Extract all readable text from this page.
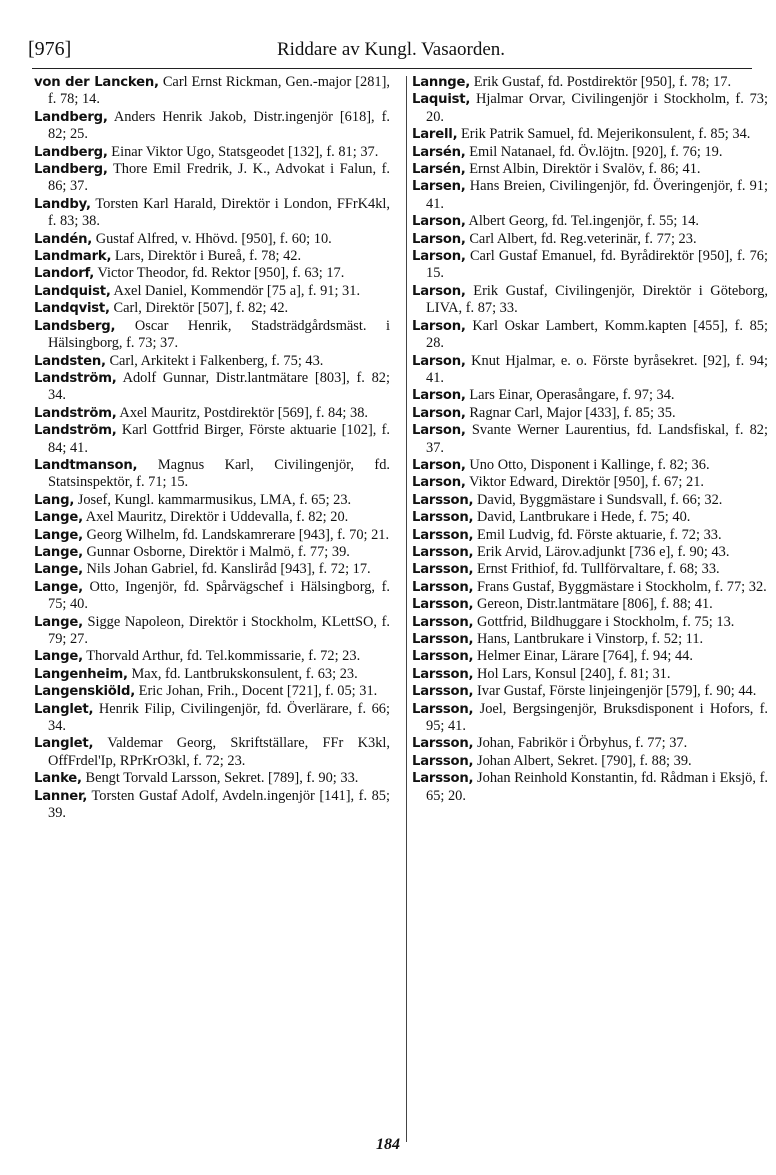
[976]	Riddare av Kungl. Vasaorden.

von der Lancken, Carl Ernst Rickman, Gen.-major [281], f. 78; 14.

Landberg, Anders Henrik Jakob, Distr.ingenjör [618], f. 82; 25.

Landberg, Einar Viktor Ugo, Statsgeodet [132], f. 81; 37.

Landberg, Thore Emil Fredrik, J. K., Advokat i Falun, f. 86; 37.

Landby, Torsten Karl Harald, Direktör i London, FFrK4kl, f. 83; 38.

Landén, Gustaf Alfred, v. Hhövd. [950], f. 60; 10.

Landmark, Lars, Direktör i Bureå, f. 78; 42.

Landorf, Victor Theodor, fd. Rektor [950], f. 63; 17.

Landquist, Axel Daniel, Kommendör [75 a], f. 91; 31.

Landqvist, Carl, Direktör [507], f. 82; 42.

Landsberg, Oscar Henrik, Stadsträdgårdsmäst. i Hälsingborg, f. 73; 37.

Landsten, Carl, Arkitekt i Falkenberg, f. 75; 43.

Landström, Adolf Gunnar, Distr.lantmätare [803], f. 82; 34.

Landström, Axel Mauritz, Postdirektör [569], f. 84; 38.

Landström, Karl Gottfrid Birger, Förste aktuarie [102], f. 84; 41.

Landtmanson, Magnus Karl, Civilingenjör, fd. Statsinspektör, f. 71; 15.

Lang, Josef, Kungl. kammarmusikus, LMA, f. 65; 23.

Lange, Axel Mauritz, Direktör i Uddevalla, f. 82; 20.

Lange, Georg Wilhelm, fd. Landskamrerare [943], f. 70; 21.

Lange, Gunnar Osborne, Direktör i Malmö, f. 77; 39.

Lange, Nils Johan Gabriel, fd. Kansliråd [943], f. 72; 17.

Lange, Otto, Ingenjör, fd. Spårvägschef i Hälsingborg, f. 75; 40.

Lange, Sigge Napoleon, Direktör i Stockholm, KLettSO, f. 79; 27.

Lange, Thorvald Arthur, fd. Tel.kommissarie, f. 72; 23.

Langenheim, Max, fd. Lantbrukskonsulent, f. 63; 23.

Langenskiöld, Eric Johan, Frih., Docent [721], f. 05; 31.

Langlet, Henrik Filip, Civilingenjör, fd. Överlärare, f. 66; 34.

Langlet, Valdemar Georg, Skriftställare, FFr K3kl, OffFrdel'Ip, RPrKrO3kl, f. 72; 23.

Lanke, Bengt Torvald Larsson, Sekret. [789], f. 90; 33.

Lanner, Torsten Gustaf Adolf, Avdeln.ingenjör [141], f. 85; 39.

Lannge, Erik Gustaf, fd. Postdirektör [950], f. 78; 17.

Laquist, Hjalmar Orvar, Civilingenjör i Stockholm, f. 73; 20.

Larell, Erik Patrik Samuel, fd. Mejerikonsulent, f. 85; 34.

Larsén, Emil Natanael, fd. Öv.löjtn. [920], f. 76; 19.

Larsén, Ernst Albin, Direktör i Svalöv, f. 86; 41.

Larsen, Hans Breien, Civilingenjör, fd. Överingenjör, f. 91; 41.

Larson, Albert Georg, fd. Tel.ingenjör, f. 55; 14.

Larson, Carl Albert, fd. Reg.veterinär, f. 77; 23.

Larson, Carl Gustaf Emanuel, fd. Byrådirektör [950], f. 76; 15.

Larson, Erik Gustaf, Civilingenjör, Direktör i Göteborg, LIVA, f. 87; 33.

Larson, Karl Oskar Lambert, Komm.kapten [455], f. 85; 28.

Larson, Knut Hjalmar, e. o. Förste byråsekret. [92], f. 94; 41.

Larson, Lars Einar, Operasångare, f. 97; 34.

Larson, Ragnar Carl, Major [433], f. 85; 35.

Larson, Svante Werner Laurentius, fd. Landsfiskal, f. 82; 37.

Larson, Uno Otto, Disponent i Kallinge, f. 82; 36.

Larson, Viktor Edward, Direktör [950], f. 67; 21.

Larsson, David, Byggmästare i Sundsvall, f. 66; 32.

Larsson, David, Lantbrukare i Hede, f. 75; 40.

Larsson, Emil Ludvig, fd. Förste aktuarie, f. 72; 33.

Larsson, Erik Arvid, Lärov.adjunkt [736 e], f. 90; 43.

Larsson, Ernst Frithiof, fd. Tullförvaltare, f. 68; 33.

Larsson, Frans Gustaf, Byggmästare i Stockholm, f. 77; 32.

Larsson, Gereon, Distr.lantmätare [806], f. 88; 41.

Larsson, Gottfrid, Bildhuggare i Stockholm, f. 75; 13.

Larsson, Hans, Lantbrukare i Vinstorp, f. 52; 11.

Larsson, Helmer Einar, Lärare [764], f. 94; 44.

Larsson, Hol Lars, Konsul [240], f. 81; 31.

Larsson, Ivar Gustaf, Förste linjeingenjör [579], f. 90; 44.

Larsson, Joel, Bergsingenjör, Bruksdisponent i Hofors, f. 95; 41.

Larsson, Johan, Fabrikör i Örbyhus, f. 77; 37.

Larsson, Johan Albert, Sekret. [790], f. 88; 39.

Larsson, Johan Reinhold Konstantin, fd. Rådman i Eksjö, f. 65; 20.

184
